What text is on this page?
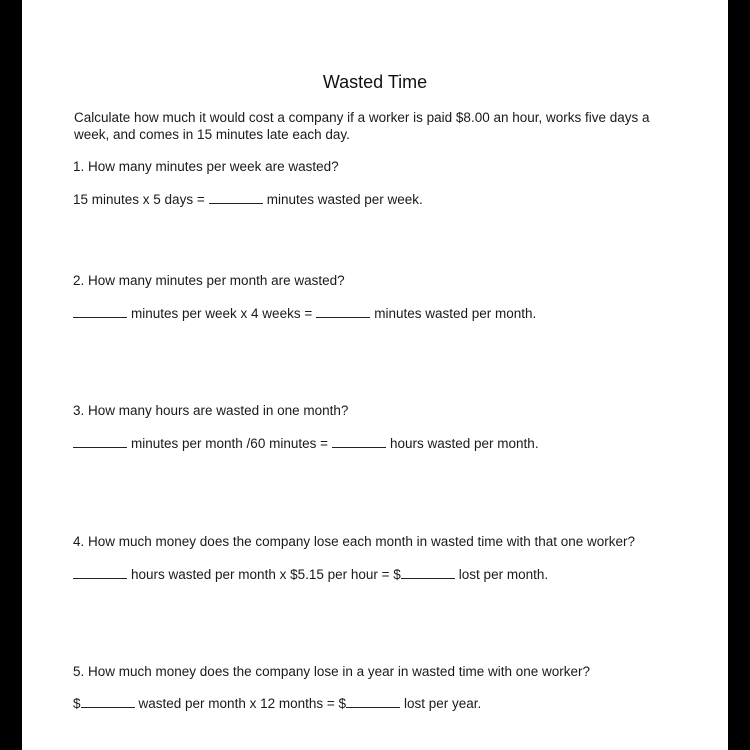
Wasted Time
Calculate how much it would cost a company if a worker is paid $8.00 an hour, works five days a week, and comes in 15 minutes late each day.
1. How many minutes per week are wasted?
15 minutes x 5 days =	minutes wasted per week.
2. How many minutes per month are wasted?
minutes per week x 4 weeks =	minutes wasted per month.
3. How many hours are wasted in one month?
minutes per month /60 minutes =	hours wasted per month.
4. How much money does the company lose each month in wasted time with that one worker?
hours wasted per month x $5.15 per hour = $	lost per month.
5. How much money does the company lose in a year in wasted time with one worker?
$	wasted per month x 12 months = $	lost per year.
